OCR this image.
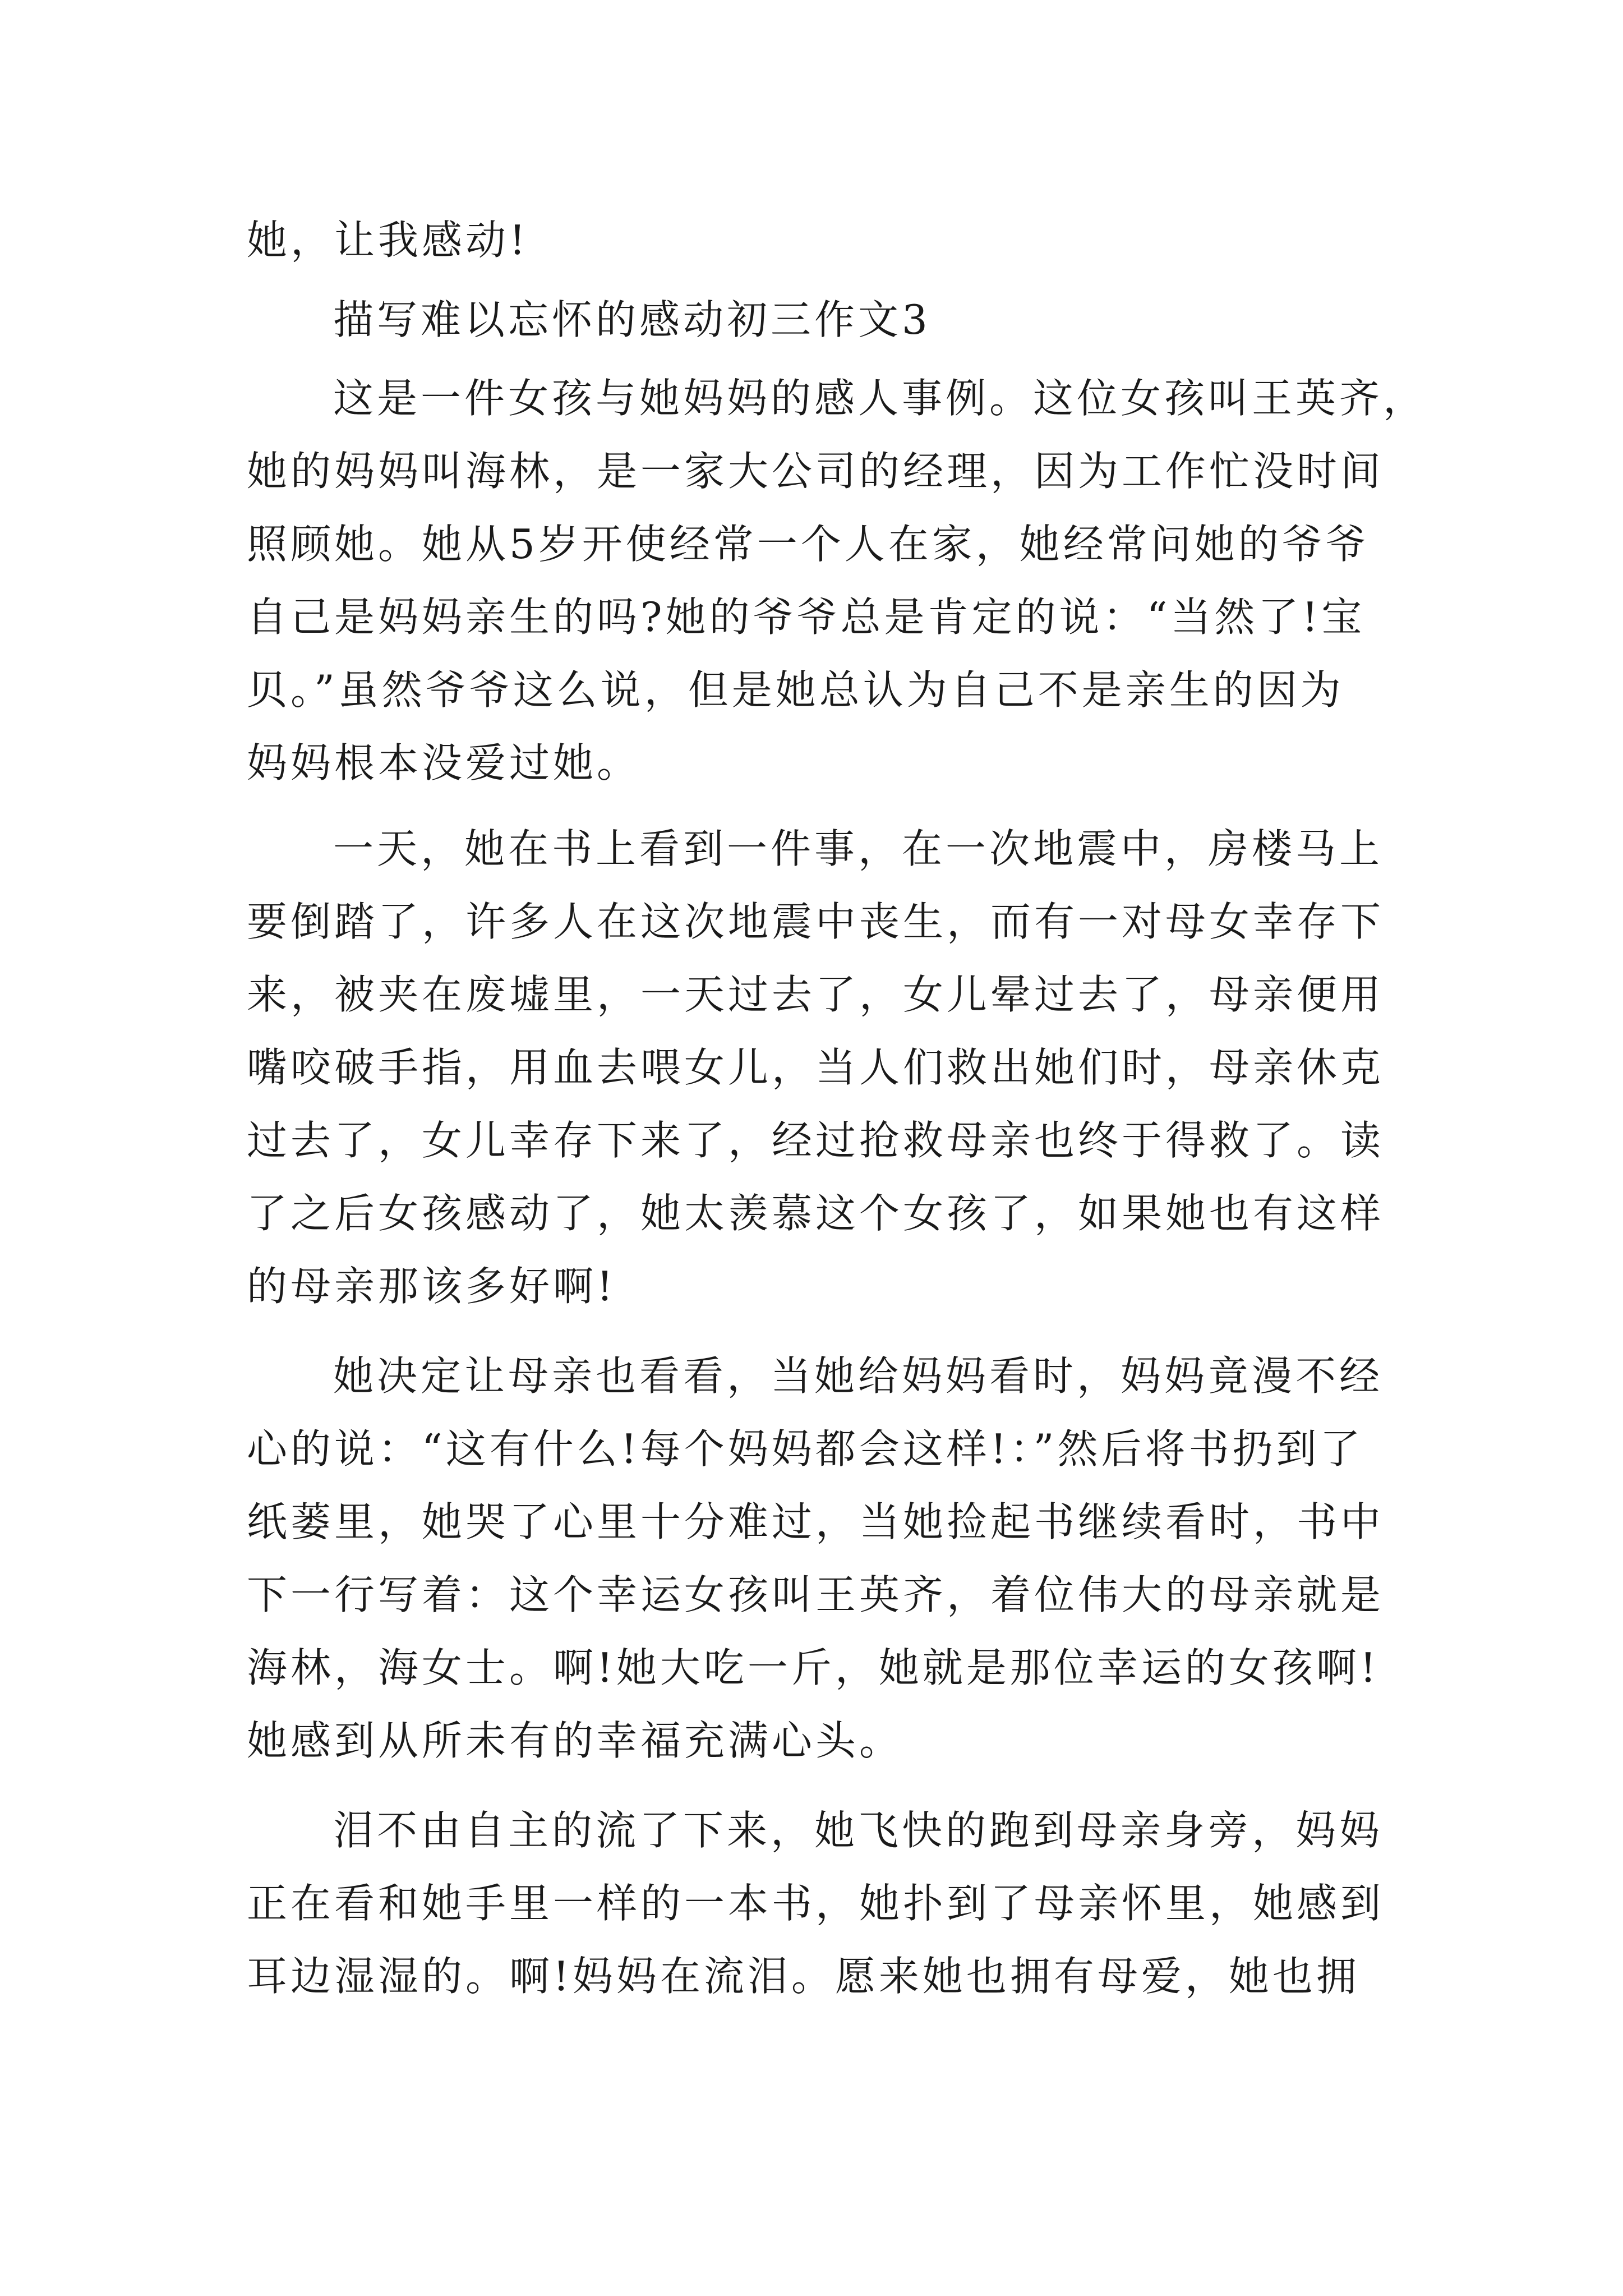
她，让我感动!

描写难以忘怀的感动初三作文3

这是一件女孩与她妈妈的感人事例。这位女孩叫王英齐，

她的妈妈叫海林，是一家大公司的经理，因为工作忙没时间

照顾她。她从5岁开使经常一个人在家，她经常问她的爷爷

自己是妈妈亲生的吗?她的爷爷总是肯定的说：“当然了!宝

贝。”虽然爷爷这么说，但是她总认为自己不是亲生的因为

妈妈根本没爱过她。

一天，她在书上看到一件事，在一次地震中，房楼马上

要倒踏了，许多人在这次地震中丧生，而有一对母女幸存下

来，被夹在废墟里，一天过去了，女儿晕过去了，母亲便用

嘴咬破手指，用血去喂女儿，当人们救出她们时，母亲休克

过去了，女儿幸存下来了，经过抢救母亲也终于得救了。读

了之后女孩感动了，她太羡慕这个女孩了，如果她也有这样

的母亲那该多好啊!

她决定让母亲也看看，当她给妈妈看时，妈妈竟漫不经

心的说：“这有什么!每个妈妈都会这样!：”然后将书扔到了

纸蒌里，她哭了心里十分难过，当她捡起书继续看时，书中

下一行写着：这个幸运女孩叫王英齐，着位伟大的母亲就是

海林，海女士。啊!她大吃一斤，她就是那位幸运的女孩啊!

她感到从所未有的幸福充满心头。

泪不由自主的流了下来，她飞快的跑到母亲身旁，妈妈

正在看和她手里一样的一本书，她扑到了母亲怀里，她感到

耳边湿湿的。啊!妈妈在流泪。愿来她也拥有母爱，她也拥
